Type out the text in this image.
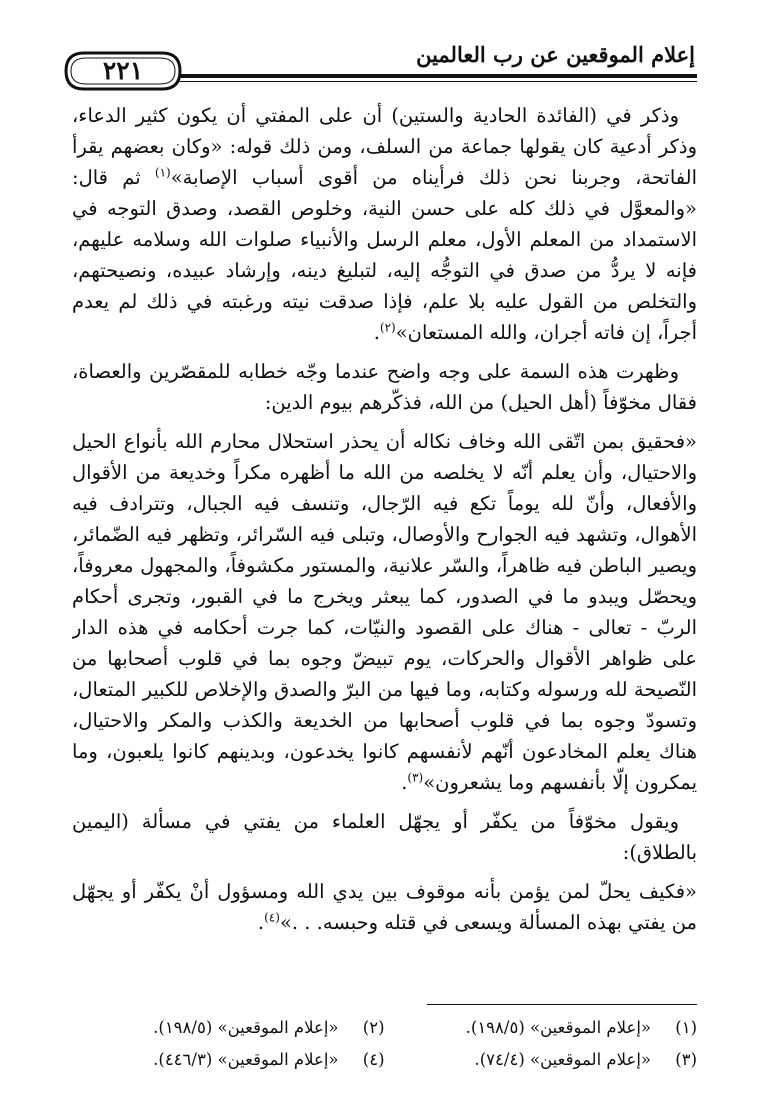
إعلام الموقعين عن رب العالمين
٢٢١

وذكر في (الفائدة الحادية والستين) أن على المفتي أن يكون كثير الدعاء، وذكر أدعية كان يقولها جماعة من السلف، ومن ذلك قوله: «وكان بعضهم يقرأ الفاتحة، وجربنا نحن ذلك فرأيناه من أقوى أسباب الإصابة»$^{(١)}$ ثم قال: «والمعوَّل في ذلك كله على حسن النية، وخلوص القصد، وصدق التوجه في الاستمداد من المعلم الأول، معلم الرسل والأنبياء صلوات الله وسلامه عليهم، فإنه لا يردُّ من صدق في التوجُّه إليه، لتبليغ دينه، وإرشاد عبيده، ونصيحتهم، والتخلص من القول عليه بلا علم، فإذا صدقت نيته ورغبته في ذلك لم يعدم أجراً، إن فاته أجران، والله المستعان»$^{(٢)}$.

وظهرت هذه السمة على وجه واضح عندما وجّه خطابه للمقصّرين والعصاة، فقال مخوّفاً (أهل الحيل) من الله، فذكّرهم بيوم الدين:

«فحقيق بمن اتّقى الله وخاف نكاله أن يحذر استحلال محارم الله بأنواع الحيل والاحتيال، وأن يعلم أنّه لا يخلصه من الله ما أظهره مكراً وخديعة من الأقوال والأفعال، وأنّ لله يوماً تكع فيه الرّجال، وتنسف فيه الجبال، وتترادف فيه الأهوال، وتشهد فيه الجوارح والأوصال، وتبلى فيه السّرائر، وتظهر فيه الضّمائر، ويصير الباطن فيه ظاهراً، والسّر علانية، والمستور مكشوفاً، والمجهول معروفاً، ويحصّل ويبدو ما في الصدور، كما يبعثر ويخرج ما في القبور، وتجرى أحكام الربّ - تعالى - هناك على القصود والنيّات، كما جرت أحكامه في هذه الدار على ظواهر الأقوال والحركات، يوم تبيضّ وجوه بما في قلوب أصحابها من النّصيحة لله ورسوله وكتابه، وما فيها من البرّ والصدق والإخلاص للكبير المتعال، وتسودّ وجوه بما في قلوب أصحابها من الخديعة والكذب والمكر والاحتيال، هناك يعلم المخادعون أنّهم لأنفسهم كانوا يخدعون، وبدينهم كانوا يلعبون، وما يمكرون إلّا بأنفسهم وما يشعرون»$^{(٣)}$.

ويقول مخوّفاً من يكفّر أو يجهّل العلماء من يفتي في مسألة (اليمين بالطلاق):

«فكيف يحلّ لمن يؤمن بأنه موقوف بين يدي الله ومسؤول أنْ يكفّر أو يجهّل من يفتي بهذه المسألة ويسعى في قتله وحبسه. . .»$^{(٤)}$.

(١)«إعلام الموقعين» (١٩٨/٥).
(٢)«إعلام الموقعين» (١٩٨/٥).
(٣)«إعلام الموقعين» (٧٤/٤).
(٤)«إعلام الموقعين» (٤٤٦/٣).
